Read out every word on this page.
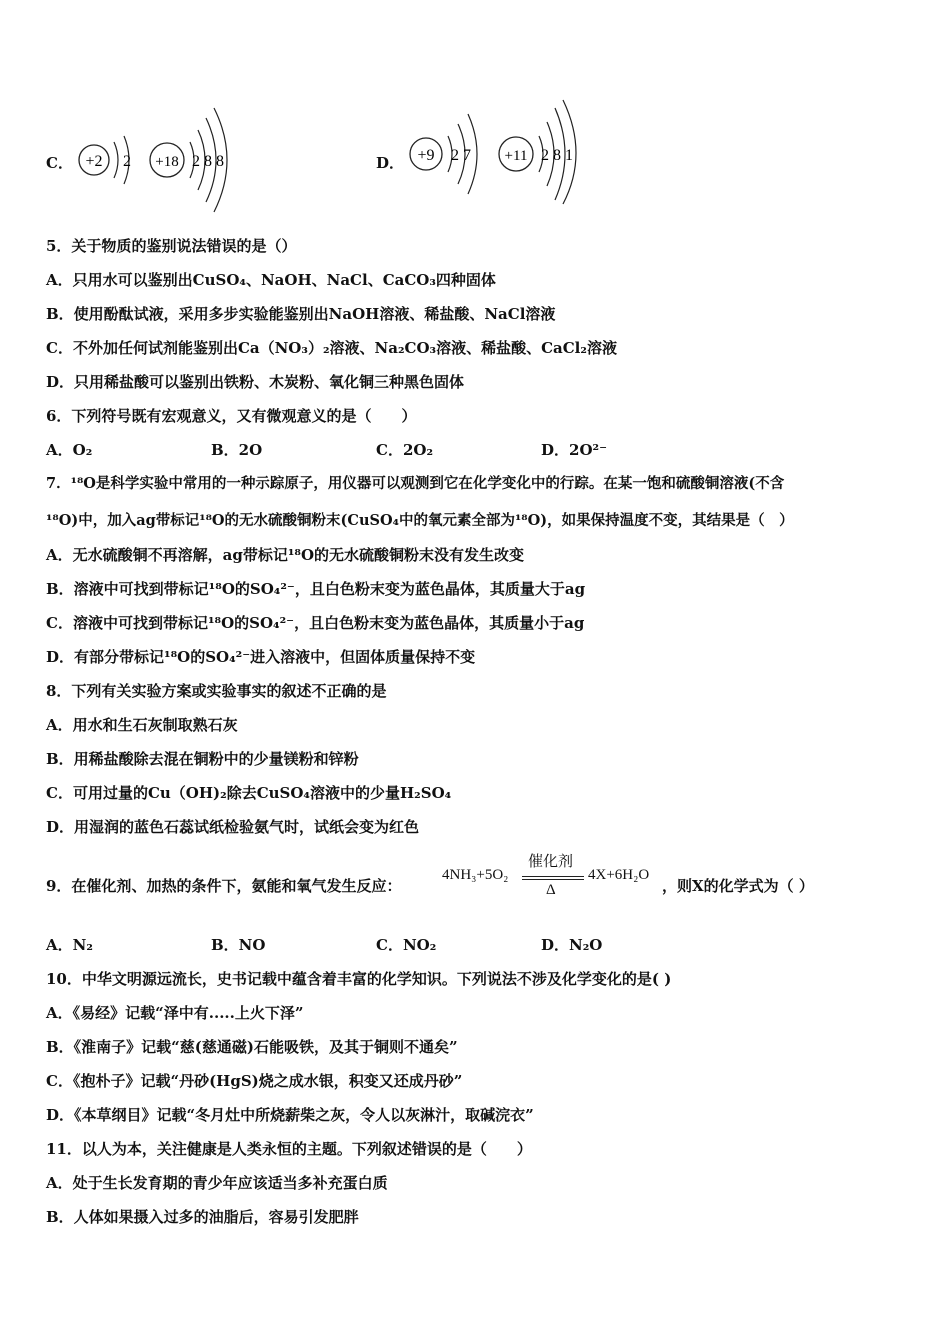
C． +2 2 +18 2 8 8	D． +9 2 7 +11 2 8 1
5．关于物质的鉴别说法错误的是（）
A．只用水可以鉴别出CuSO₄、NaOH、NaCl、CaCO₃四种固体
B．使用酚酞试液，采用多步实验能鉴别出NaOH溶液、稀盐酸、NaCl溶液
C．不外加任何试剂能鉴别出Ca（NO₃）₂溶液、Na₂CO₃溶液、稀盐酸、CaCl₂溶液
D．只用稀盐酸可以鉴别出铁粉、木炭粉、氧化铜三种黑色固体
6．下列符号既有宏观意义，又有微观意义的是（　　）
A．O₂	B．2O	C．2O₂	D．2O²⁻
7．¹⁸O是科学实验中常用的一种示踪原子，用仪器可以观测到它在化学变化中的行踪。在某一饱和硫酸铜溶液(不含
¹⁸O)中，加入ag带标记¹⁸O的无水硫酸铜粉末(CuSO₄中的氧元素全部为¹⁸O)，如果保持温度不变，其结果是（　）
A．无水硫酸铜不再溶解，ag带标记¹⁸O的无水硫酸铜粉末没有发生改变
B．溶液中可找到带标记¹⁸O的SO₄²⁻，且白色粉末变为蓝色晶体，其质量大于ag
C．溶液中可找到带标记¹⁸O的SO₄²⁻，且白色粉末变为蓝色晶体，其质量小于ag
D．有部分带标记¹⁸O的SO₄²⁻进入溶液中，但固体质量保持不变
8．下列有关实验方案或实验事实的叙述不正确的是
A．用水和生石灰制取熟石灰
B．用稀盐酸除去混在铜粉中的少量镁粉和锌粉
C．可用过量的Cu（OH)₂除去CuSO₄溶液中的少量H₂SO₄
D．用湿润的蓝色石蕊试纸检验氨气时，试纸会变为红色
9．在催化剂、加热的条件下，氨能和氧气发生反应：
4NH₃+5O₂
催化剂
Δ
4X+6H₂O
，则X的化学式为（ ）
A．N₂	B．NO	C．NO₂	D．N₂O
10．中华文明源远流长，史书记载中蕴含着丰富的化学知识。下列说法不涉及化学变化的是( )
A．《易经》记载“泽中有.....上火下泽”
B．《淮南子》记载“慈(慈通磁)石能吸铁，及其于铜则不通矣”
C．《抱朴子》记载“丹砂(HgS)烧之成水银，积变又还成丹砂”
D．《本草纲目》记载“冬月灶中所烧薪柴之灰，令人以灰淋汁，取碱浣衣”
11．以人为本，关注健康是人类永恒的主题。下列叙述错误的是（　　）
A．处于生长发育期的青少年应该适当多补充蛋白质
B．人体如果摄入过多的油脂后，容易引发肥胖
